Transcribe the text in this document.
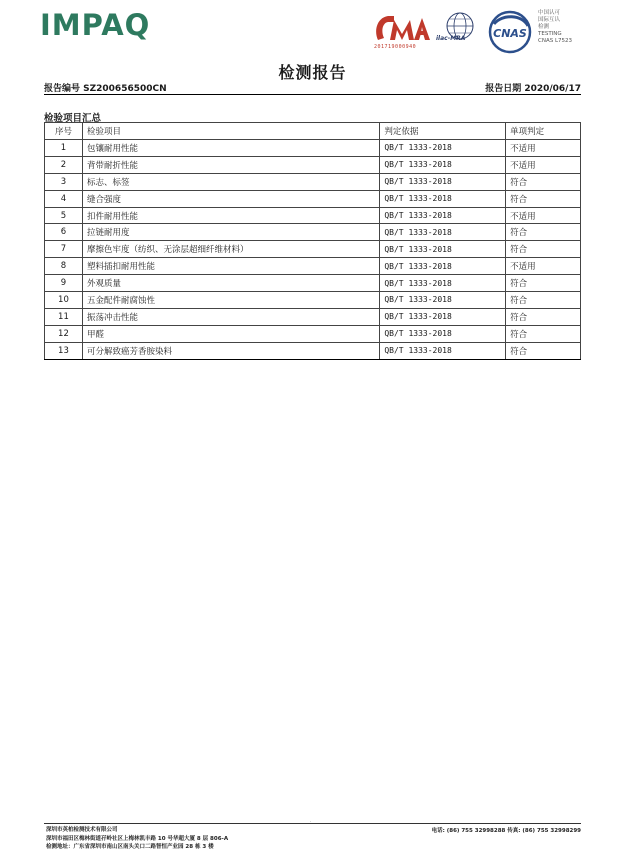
IMPAQ
201719000940
ilac-MRA	CNAS
中国认可
国际互认
检测
TESTING
CNAS L7523
检测报告
报告编号 SZ200656500CN	报告日期 2020/06/17
检验项目汇总
序号	检验项目	判定依据	单项判定
1	包镶耐用性能	QB/T 1333-2018	不适用
2	背带耐折性能	QB/T 1333-2018	不适用
3	标志、标签	QB/T 1333-2018	符合
4	缝合强度	QB/T 1333-2018	符合
5	扣件耐用性能	QB/T 1333-2018	不适用
6	拉链耐用度	QB/T 1333-2018	符合
7	摩擦色牢度（纺织、无涂层超细纤维材料）	QB/T 1333-2018	符合
8	塑料插扣耐用性能	QB/T 1333-2018	不适用
9	外观质量	QB/T 1333-2018	符合
10	五金配件耐腐蚀性	QB/T 1333-2018	符合
11	振荡冲击性能	QB/T 1333-2018	符合
12	甲醛	QB/T 1333-2018	符合
13	可分解致癌芳香胺染料	QB/T 1333-2018	符合
·
深圳市英柏检测技术有限公司
深圳市福田区梅林街道孖岭社区上梅林凯丰路 10 号华超大厦 8 层 806-A
检测地址：广东省深圳市南山区南头关口二路智恒产业园 28 栋 3 楼
电话: (86) 755 32998288 传真: (86) 755 32998299
